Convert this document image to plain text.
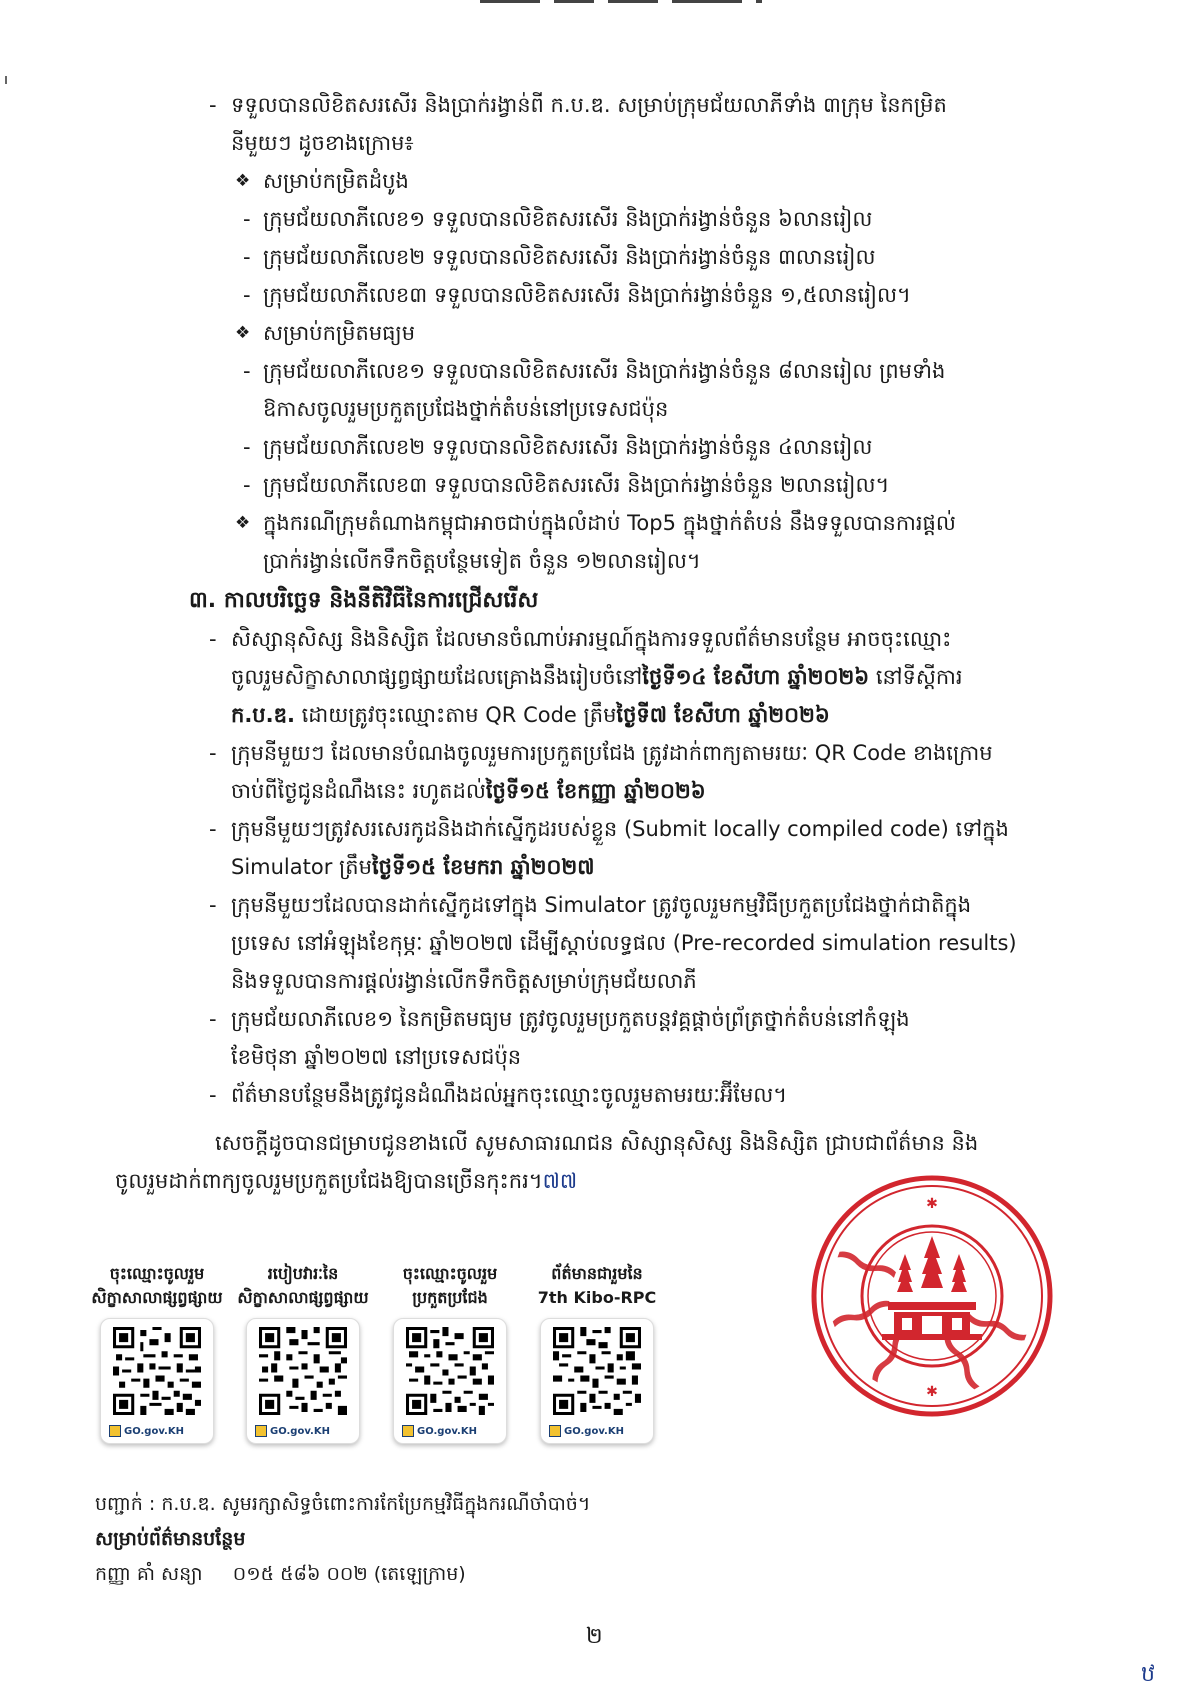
- ទទួលបានលិខិតសរសើរ និងប្រាក់រង្វាន់ពី ក.ប.ឌ. សម្រាប់ក្រុមជ័យលាភីទាំង ៣ក្រុម នៃកម្រិត
នីមួយៗ ដូចខាងក្រោម៖
❖ សម្រាប់កម្រិតដំបូង
- ក្រុមជ័យលាភីលេខ១ ទទួលបានលិខិតសរសើរ និងប្រាក់រង្វាន់ចំនួន ៦លានរៀល
- ក្រុមជ័យលាភីលេខ២ ទទួលបានលិខិតសរសើរ និងប្រាក់រង្វាន់ចំនួន ៣លានរៀល
- ក្រុមជ័យលាភីលេខ៣ ទទួលបានលិខិតសរសើរ និងប្រាក់រង្វាន់ចំនួន ១,៥លានរៀល។
❖ សម្រាប់កម្រិតមធ្យម
- ក្រុមជ័យលាភីលេខ១ ទទួលបានលិខិតសរសើរ និងប្រាក់រង្វាន់ចំនួន ៨លានរៀល ព្រមទាំង
ឱកាសចូលរួមប្រកួតប្រជែងថ្នាក់តំបន់នៅប្រទេសជប៉ុន
- ក្រុមជ័យលាភីលេខ២ ទទួលបានលិខិតសរសើរ និងប្រាក់រង្វាន់ចំនួន ៤លានរៀល
- ក្រុមជ័យលាភីលេខ៣ ទទួលបានលិខិតសរសើរ និងប្រាក់រង្វាន់ចំនួន ២លានរៀល។
❖ ក្នុងករណីក្រុមតំណាងកម្ពុជាអាចជាប់ក្នុងលំដាប់ Top5 ក្នុងថ្នាក់តំបន់ នឹងទទួលបានការផ្ដល់
ប្រាក់រង្វាន់លើកទឹកចិត្តបន្ថែមទៀត ចំនួន ១២លានរៀល។
៣. កាលបរិច្ឆេទ និងនីតិវិធីនៃការជ្រើសរើស
- សិស្សានុសិស្ស និងនិស្សិត ដែលមានចំណាប់អារម្មណ៍ក្នុងការទទួលព័ត៌មានបន្ថែម អាចចុះឈ្មោះ
ចូលរួមសិក្ខាសាលាផ្សព្វផ្សាយដែលគ្រោងនឹងរៀបចំនៅថ្ងៃទី១៤ ខែសីហា ឆ្នាំ២០២៦ នៅទីស្ដីការ
ក.ប.ឌ. ដោយត្រូវចុះឈ្មោះតាម QR Code ត្រឹមថ្ងៃទី៧ ខែសីហា ឆ្នាំ២០២៦
- ក្រុមនីមួយៗ ដែលមានបំណងចូលរួមការប្រកួតប្រជែង ត្រូវដាក់ពាក្យតាមរយៈ QR Code ខាងក្រោម
ចាប់ពីថ្ងៃជូនដំណឹងនេះ រហូតដល់ថ្ងៃទី១៥ ខែកញ្ញា ឆ្នាំ២០២៦
- ក្រុមនីមួយៗត្រូវសរសេរកូដនិងដាក់ស្នើកូដរបស់ខ្លួន (Submit locally compiled code) ទៅក្នុង
Simulator ត្រឹមថ្ងៃទី១៥ ខែមករា ឆ្នាំ២០២៧
- ក្រុមនីមួយៗដែលបានដាក់ស្នើកូដទៅក្នុង Simulator ត្រូវចូលរួមកម្មវិធីប្រកួតប្រជែងថ្នាក់ជាតិក្នុង
ប្រទេស នៅអំឡុងខែកុម្ភៈ ឆ្នាំ២០២៧ ដើម្បីស្ដាប់លទ្ធផល (Pre-recorded simulation results)
និងទទួលបានការផ្ដល់រង្វាន់លើកទឹកចិត្តសម្រាប់ក្រុមជ័យលាភី
- ក្រុមជ័យលាភីលេខ១ នៃកម្រិតមធ្យម ត្រូវចូលរួមប្រកួតបន្តវគ្គផ្ដាច់ព្រ័ត្រថ្នាក់តំបន់នៅកំឡុង
ខែមិថុនា ឆ្នាំ២០២៧ នៅប្រទេសជប៉ុន
- ព័ត៌មានបន្ថែមនឹងត្រូវជូនដំណឹងដល់អ្នកចុះឈ្មោះចូលរួមតាមរយៈអ៊ីមែល។
សេចក្ដីដូចបានជម្រាបជូនខាងលើ សូមសាធារណជន សិស្សានុសិស្ស និងនិស្សិត ជ្រាបជាព័ត៌មាន និង
ចូលរួមដាក់ពាក្យចូលរួមប្រកួតប្រជែងឱ្យបានច្រើនកុះករ។៧៧
ចុះឈ្មោះចូលរួម
សិក្ខាសាលាផ្សព្វផ្សាយ
GO.gov.KH
របៀបវារៈនៃ
សិក្ខាសាលាផ្សព្វផ្សាយ
GO.gov.KH
ចុះឈ្មោះចូលរួម
ប្រកួតប្រជែង
GO.gov.KH
ព័ត៌មានជារួមនៃ
7th Kibo-RPC
GO.gov.KH
✱
✱
បញ្ជាក់ : ក.ប.ឌ. សូមរក្សាសិទ្ធចំពោះការកែប្រែកម្មវិធីក្នុងករណីចាំបាច់។
សម្រាប់ព័ត៌មានបន្ថែម
កញ្ញា គាំ សន្យា     ០១៥ ៥៨៦ ០០២ (តេឡេក្រាម)
២
ឋ
